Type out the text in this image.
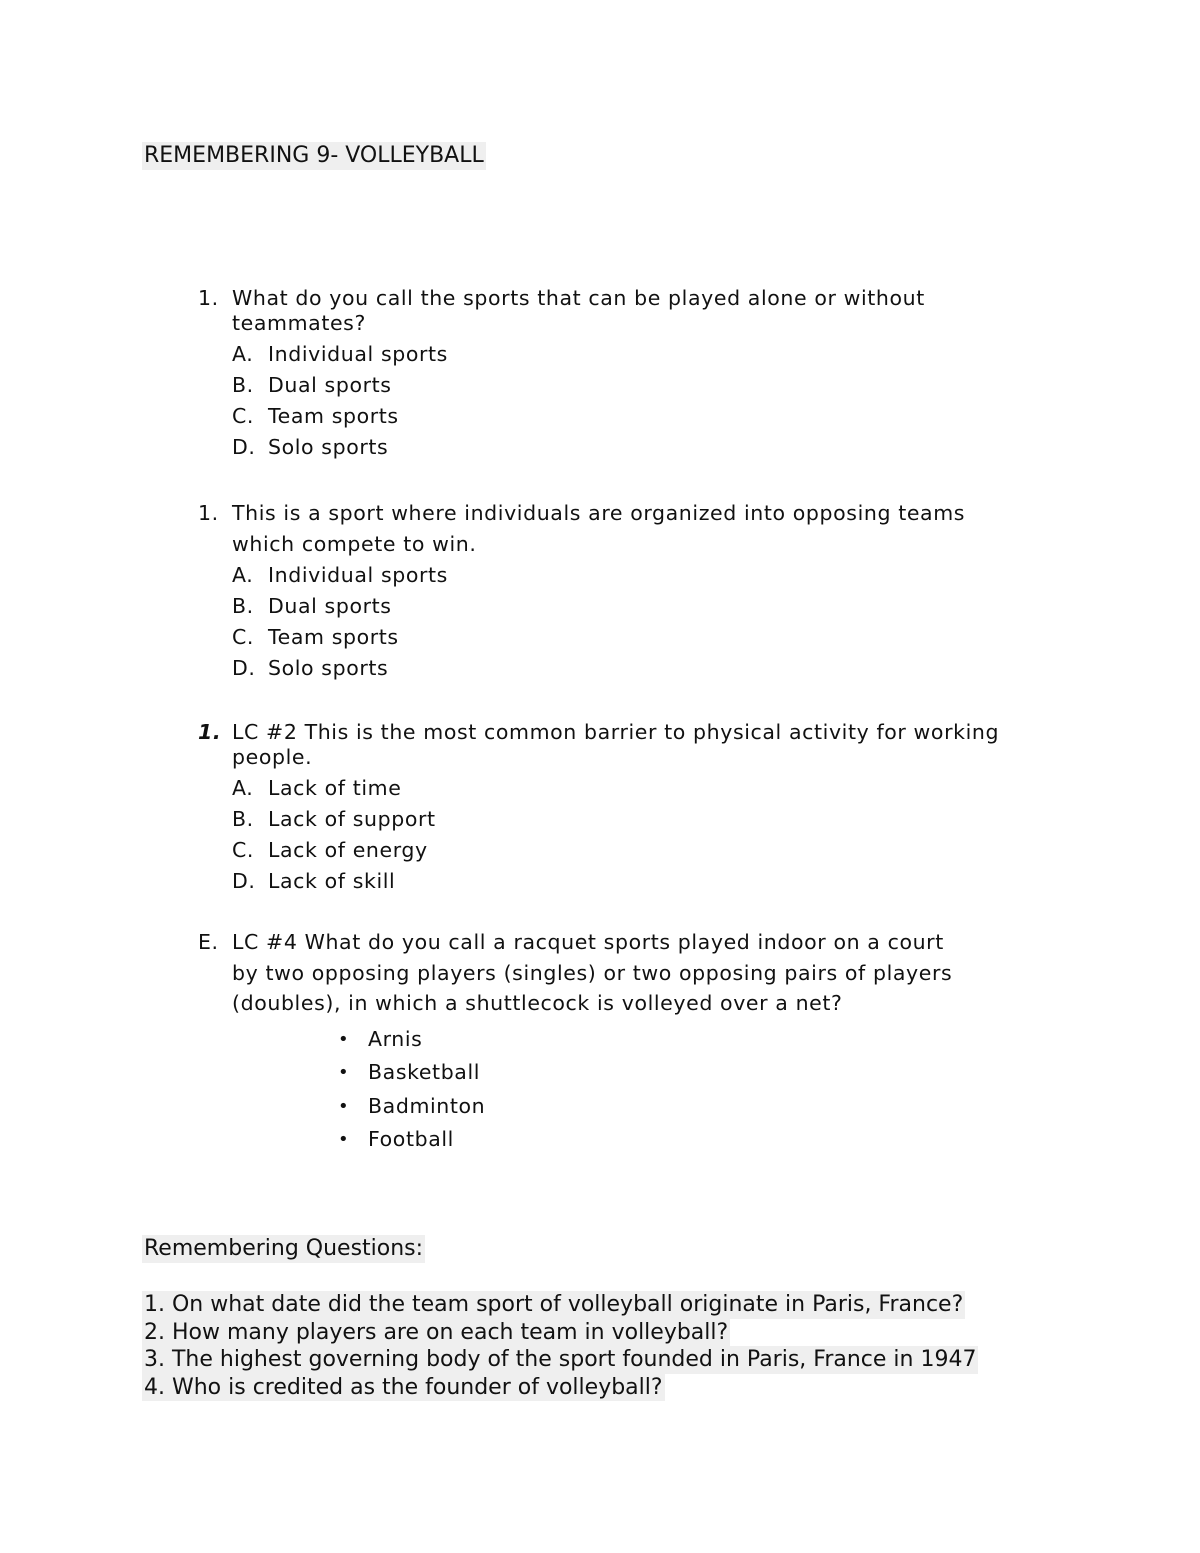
REMEMBERING 9- VOLLEYBALL
1. What do you call the sports that can be played alone or without teammates?
A. Individual sports
B. Dual sports
C. Team sports
D. Solo sports
1. This is a sport where individuals are organized into opposing teams which compete to win.
A. Individual sports
B. Dual sports
C. Team sports
D. Solo sports
1. LC #2 This is the most common barrier to physical activity for working people.
A. Lack of time
B. Lack of support
C. Lack of energy
D. Lack of skill
E. LC #4 What do you call a racquet sports played indoor on a court by two opposing players (singles) or two opposing pairs of players (doubles), in which a shuttlecock is volleyed over a net?
• Arnis
• Basketball
• Badminton
• Football
Remembering Questions:
1. On what date did the team sport of volleyball originate in Paris, France?
2. How many players are on each team in volleyball?
3. The highest governing body of the sport founded in Paris, France in 1947
4. Who is credited as the founder of volleyball?
